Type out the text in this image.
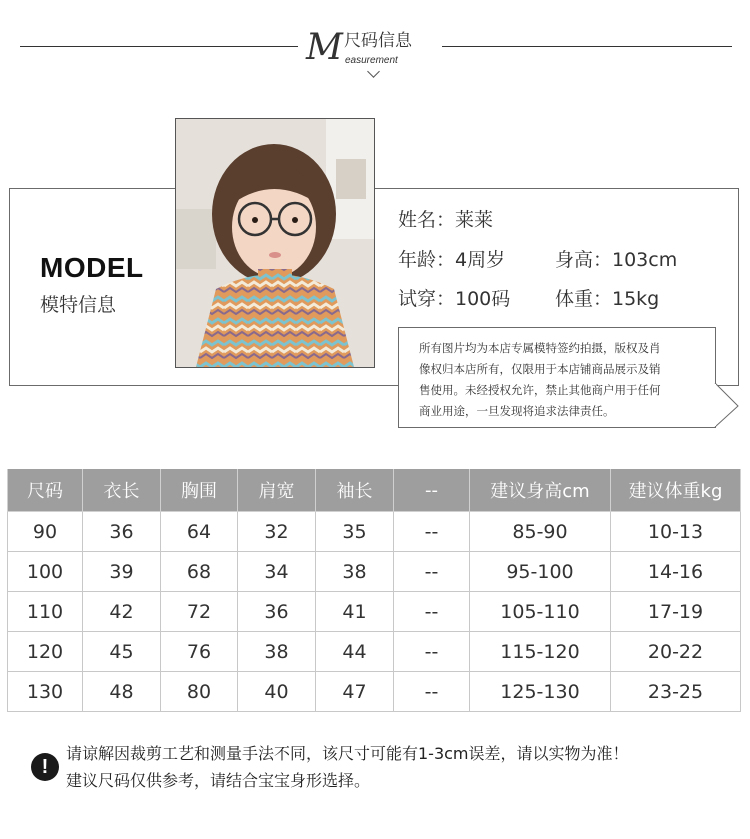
M 尺码信息
easurement
MODEL
模特信息
姓名：莱莱
年龄：4周岁	身高：103cm
试穿：100码 体重：15kg
所有图片均为本店专属模特签约拍摄，版权及肖
像权归本店所有，仅限用于本店铺商品展示及销
售使用。未经授权允许，禁止其他商户用于任何
商业用途，一旦发现将追求法律责任。
尺码	衣长	胸围	肩宽	袖长	--	建议身高cm	建议体重kg
90	36	64	32	35	--	85-90	10-13
100	39	68	34	38	--	95-100	14-16
110	42	72	36	41	--	105-110	17-19
120	45	76	38	44	--	115-120	20-22
130	48	80	40	47	--	125-130	23-25
!
请谅解因裁剪工艺和测量手法不同，该尺寸可能有1-3cm误差，请以实物为准！
建议尺码仅供参考，请结合宝宝身形选择。
